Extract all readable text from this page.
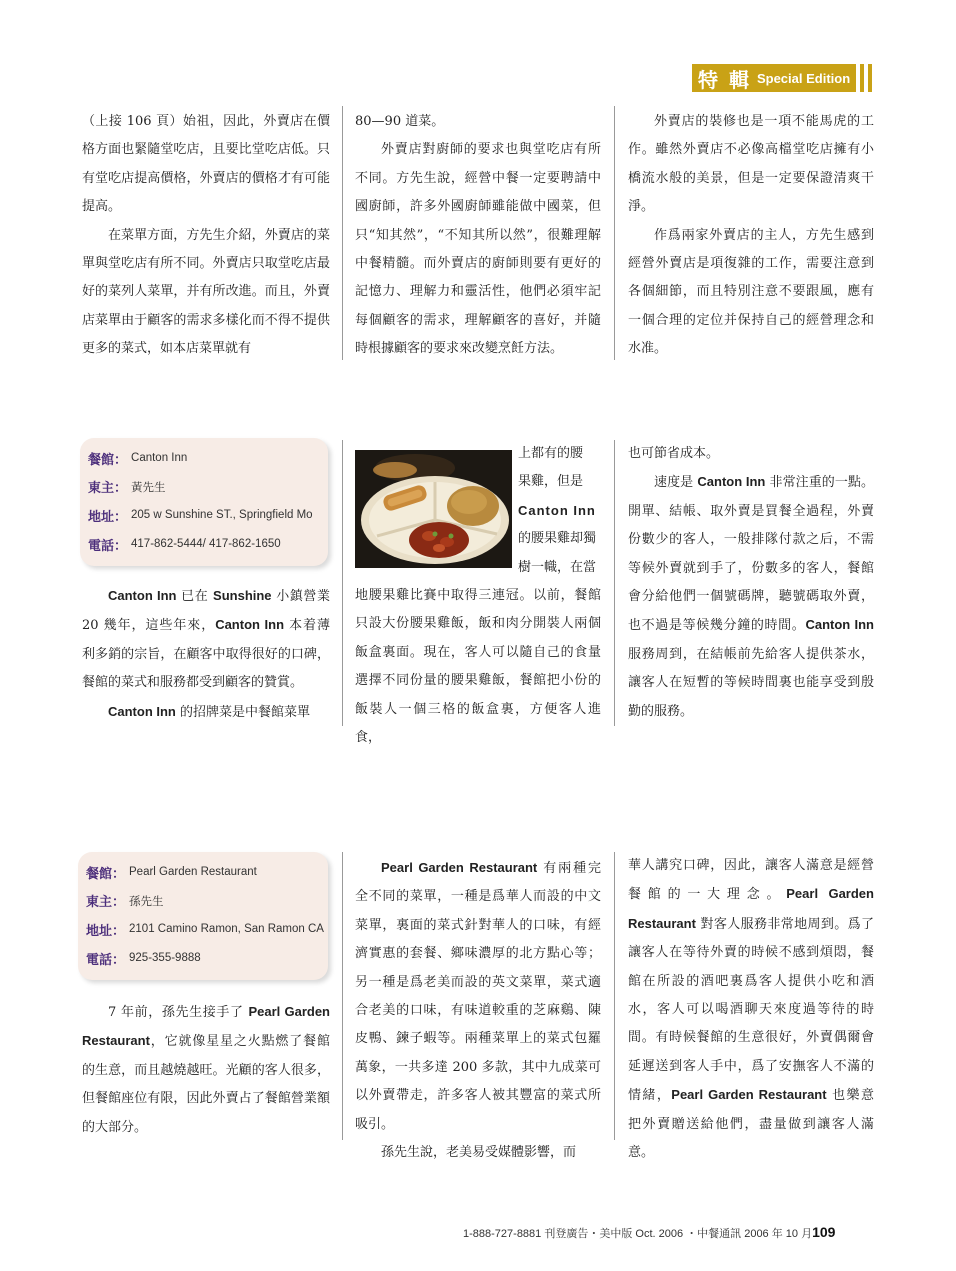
特 輯 Special Edition

（上接 106 頁）始祖，因此，外賣店在價格方面也緊隨堂吃店，且要比堂吃店低。只有堂吃店提高價格，外賣店的價格才有可能提高。

在菜單方面，方先生介紹，外賣店的菜單與堂吃店有所不同。外賣店只取堂吃店最好的菜列人菜單，并有所改進。而且，外賣店菜單由于顧客的需求多樣化而不得不提供更多的菜式，如本店菜單就有

80—90 道菜。

外賣店對廚師的要求也與堂吃店有所不同。方先生說，經營中餐一定要聘請中國廚師，許多外國廚師雖能做中國菜，但只“知其然”，“不知其所以然”，很難理解中餐精髓。而外賣店的廚師則要有更好的記憶力、理解力和靈活性，他們必須牢記每個顧客的需求，理解顧客的喜好，并隨時根據顧客的要求來改變烹飪方法。

外賣店的裝修也是一項不能馬虎的工作。雖然外賣店不必像高檔堂吃店擁有小橋流水般的美景，但是一定要保證清爽干淨。

作爲兩家外賣店的主人，方先生感到經營外賣店是項復雜的工作，需要注意到各個細節，而且特別注意不要跟風，應有一個合理的定位并保持自己的經營理念和水准。

餐館： Canton Inn
東主： 黃先生
地址： 205 w Sunshine ST., Springfield Mo
電話： 417-862-5444/ 417-862-1650

Canton Inn 已在 Sunshine 小鎮營業 20 幾年，這些年來，Canton Inn 本着薄利多銷的宗旨，在顧客中取得很好的口碑，餐館的菜式和服務都受到顧客的贊賞。

Canton Inn 的招牌菜是中餐館菜單

上都有的腰

果雞，但是

Canton Inn

的腰果雞却獨

樹一幟，在當

地腰果雞比賽中取得三連冠。以前，餐館只設大份腰果雞飯，飯和肉分開裝人兩個飯盒裏面。現在，客人可以隨自己的食量選擇不同份量的腰果雞飯，餐館把小份的飯裝人一個三格的飯盒裏，方便客人進食，

也可節省成本。

速度是 Canton Inn 非常注重的一點。開單、結帳、取外賣是買餐全過程，外賣份數少的客人，一般排隊付款之后，不需等候外賣就到手了，份數多的客人，餐館會分給他們一個號碼牌，聽號碼取外賣，也不過是等候幾分鐘的時間。Canton Inn 服務周到，在結帳前先給客人提供茶水，讓客人在短暫的等候時間裏也能享受到殷勤的服務。

餐館： Pearl Garden Restaurant
東主： 孫先生
地址： 2101 Camino Ramon, San Ramon CA
電話： 925-355-9888

7 年前，孫先生接手了 Pearl Garden Restaurant，它就像星星之火點燃了餐館的生意，而且越燒越旺。光顧的客人很多，但餐館座位有限，因此外賣占了餐館營業額的大部分。

Pearl Garden Restaurant 有兩種完全不同的菜單，一種是爲華人而設的中文菜單，裏面的菜式針對華人的口味，有經濟實惠的套餐、鄉味濃厚的北方點心等；另一種是爲老美而設的英文菜單，菜式適合老美的口味，有味道較重的芝麻鷄、陳皮鴨、鍊子蝦等。兩種菜單上的菜式包羅萬象，一共多達 200 多款，其中九成菜可以外賣帶走，許多客人被其豐富的菜式所吸引。

孫先生說，老美易受媒體影響，而

華人講究口碑，因此，讓客人滿意是經營餐館的一大理念。Pearl Garden Restaurant 對客人服務非常地周到。爲了讓客人在等待外賣的時候不感到煩悶，餐館在所設的酒吧裏爲客人提供小吃和酒水，客人可以喝酒聊天來度過等待的時間。有時候餐館的生意很好，外賣偶爾會延遲送到客人手中，爲了安撫客人不滿的情緒，Pearl Garden Restaurant 也樂意把外賣贈送給他們，盡量做到讓客人滿意。

1-888-727-8881 刊登廣告・美中版 Oct. 2006 ・中餐通訊 2006 年 10 月109
